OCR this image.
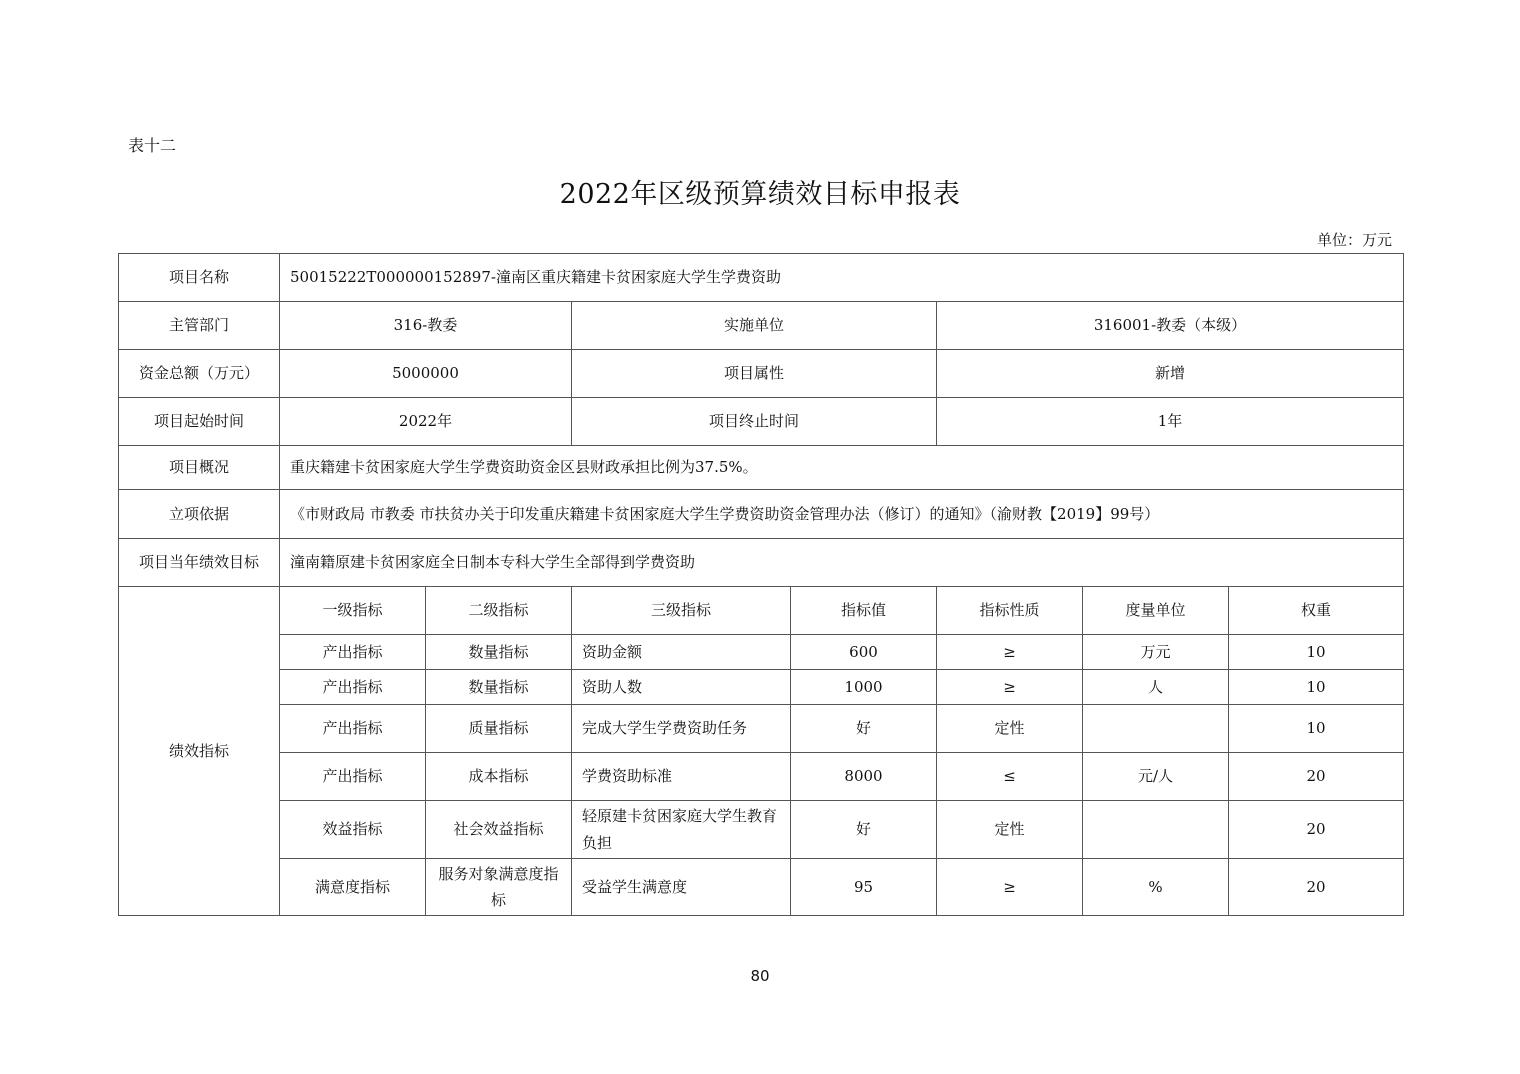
表十二
2022年区级预算绩效目标申报表
单位：万元
项目名称	50015222T000000152897-潼南区重庆籍建卡贫困家庭大学生学费资助						
主管部门	316-教委		实施单位		316001-教委（本级）		
资金总额（万元）	5000000		项目属性		新增		
项目起始时间	2022年		项目终止时间		1年		
项目概况	重庆籍建卡贫困家庭大学生学费资助资金区县财政承担比例为37.5%。						
立项依据	《市财政局 市教委 市扶贫办关于印发重庆籍建卡贫困家庭大学生学费资助资金管理办法（修订）的通知》（渝财教【2019】99号）						
项目当年绩效目标	潼南籍原建卡贫困家庭全日制本专科大学生全部得到学费资助						
绩效指标	一级指标	二级指标	三级指标	指标值	指标性质	度量单位	权重
	产出指标	数量指标	资助金额	600	≥	万元	10
	产出指标	数量指标	资助人数	1000	≥	人	10
	产出指标	质量指标	完成大学生学费资助任务	好	定性		10
	产出指标	成本指标	学费资助标准	8000	≤	元/人	20
	效益指标	社会效益指标	轻原建卡贫困家庭大学生教育负担	好	定性		20
	满意度指标	服务对象满意度指标	受益学生满意度	95	≥	%	20
80
